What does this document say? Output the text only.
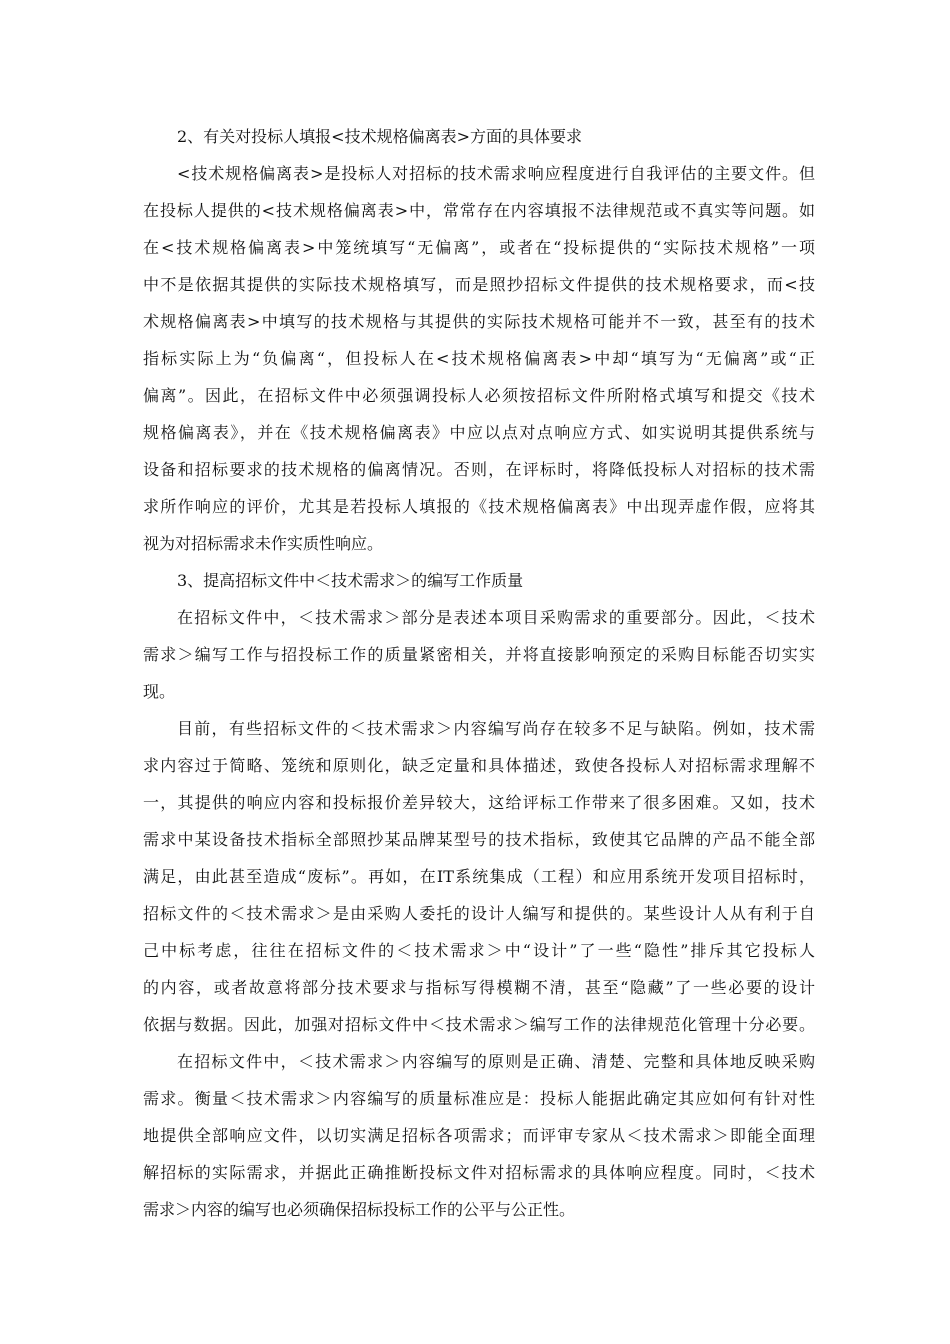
2、有关对投标人填报<技术规格偏离表>方面的具体要求
<技术规格偏离表>是投标人对招标的技术需求响应程度进行自我评估的主要文件。但
在投标人提供的<技术规格偏离表>中，常常存在内容填报不法律规范或不真实等问题。如
在<技术规格偏离表>中笼统填写“无偏离”，或者在“投标提供的“实际技术规格”一项
中不是依据其提供的实际技术规格填写，而是照抄招标文件提供的技术规格要求，而<技
术规格偏离表>中填写的技术规格与其提供的实际技术规格可能并不一致，甚至有的技术
指标实际上为“负偏离“，但投标人在<技术规格偏离表>中却“填写为“无偏离”或“正
偏离”。因此，在招标文件中必须强调投标人必须按招标文件所附格式填写和提交《技术
规格偏离表》，并在《技术规格偏离表》中应以点对点响应方式、如实说明其提供系统与
设备和招标要求的技术规格的偏离情况。否则，在评标时，将降低投标人对招标的技术需
求所作响应的评价，尤其是若投标人填报的《技术规格偏离表》中出现弄虚作假，应将其
视为对招标需求未作实质性响应。
3、提高招标文件中＜技术需求＞的编写工作质量
在招标文件中，＜技术需求＞部分是表述本项目采购需求的重要部分。因此，＜技术
需求＞编写工作与招投标工作的质量紧密相关，并将直接影响预定的采购目标能否切实实
现。
目前，有些招标文件的＜技术需求＞内容编写尚存在较多不足与缺陷。例如，技术需
求内容过于简略、笼统和原则化，缺乏定量和具体描述，致使各投标人对招标需求理解不
一，其提供的响应内容和投标报价差异较大，这给评标工作带来了很多困难。又如，技术
需求中某设备技术指标全部照抄某品牌某型号的技术指标，致使其它品牌的产品不能全部
满足，由此甚至造成“废标”。再如，在IT系统集成（工程）和应用系统开发项目招标时，
招标文件的＜技术需求＞是由采购人委托的设计人编写和提供的。某些设计人从有利于自
己中标考虑，往往在招标文件的＜技术需求＞中“设计”了一些“隐性”排斥其它投标人
的内容，或者故意将部分技术要求与指标写得模糊不清，甚至“隐藏”了一些必要的设计
依据与数据。因此，加强对招标文件中＜技术需求＞编写工作的法律规范化管理十分必要。
在招标文件中，＜技术需求＞内容编写的原则是正确、清楚、完整和具体地反映采购
需求。衡量＜技术需求＞内容编写的质量标准应是：投标人能据此确定其应如何有针对性
地提供全部响应文件，以切实满足招标各项需求；而评审专家从＜技术需求＞即能全面理
解招标的实际需求，并据此正确推断投标文件对招标需求的具体响应程度。同时，＜技术
需求＞内容的编写也必须确保招标投标工作的公平与公正性。
